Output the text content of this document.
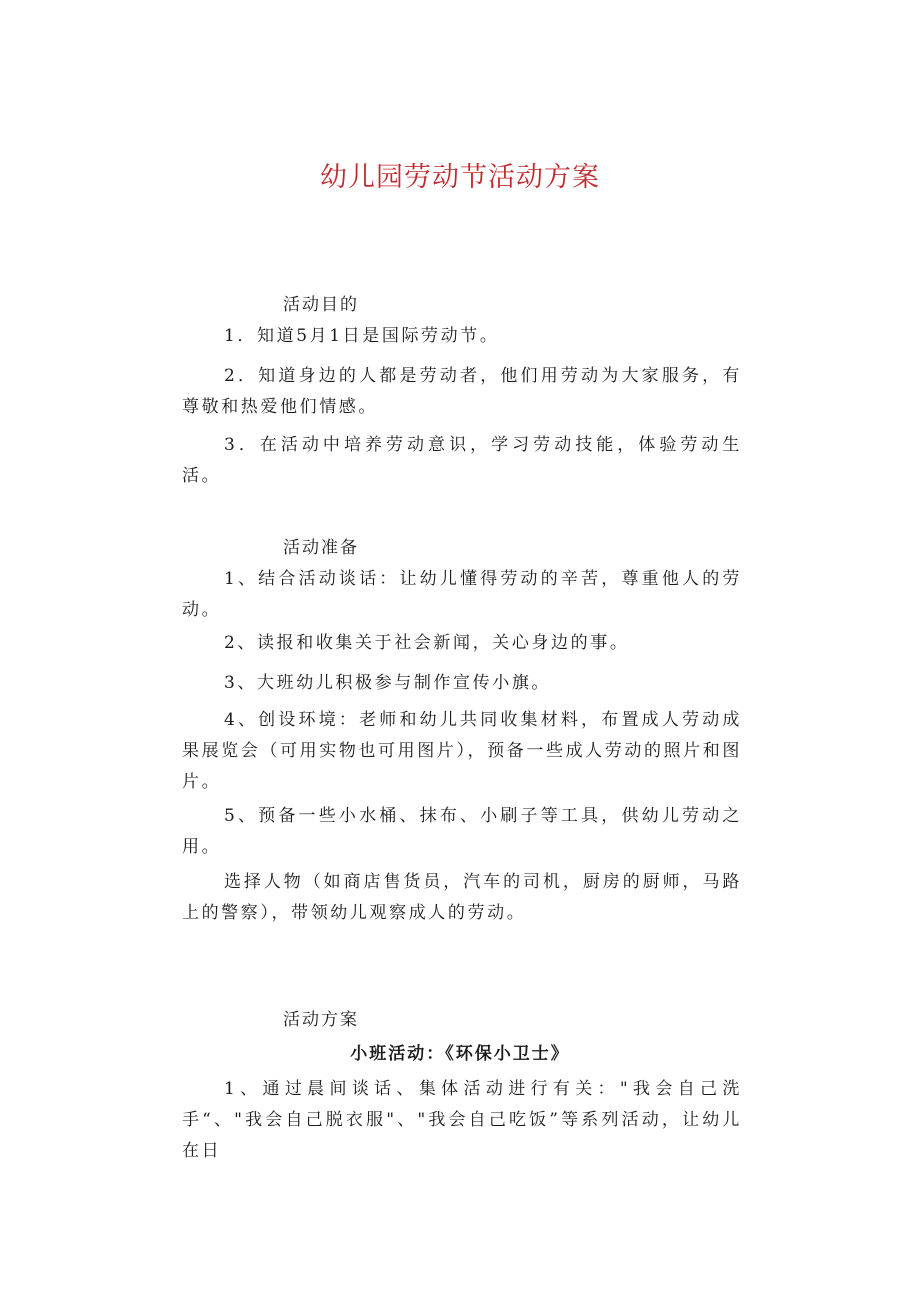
幼儿园劳动节活动方案
活动目的
1．知道5月1日是国际劳动节。
2．知道身边的人都是劳动者，他们用劳动为大家服务，有尊敬和热爱他们情感。
3．在活动中培养劳动意识，学习劳动技能，体验劳动生活。
活动准备
1、结合活动谈话：让幼儿懂得劳动的辛苦，尊重他人的劳动。
2、读报和收集关于社会新闻，关心身边的事。
3、大班幼儿积极参与制作宣传小旗。
4、创设环境：老师和幼儿共同收集材料，布置成人劳动成果展览会（可用实物也可用图片），预备一些成人劳动的照片和图片。
5、预备一些小水桶、抹布、小刷子等工具，供幼儿劳动之用。
选择人物（如商店售货员，汽车的司机，厨房的厨师，马路上的警察），带领幼儿观察成人的劳动。
活动方案
小班活动：《环保小卫士》
1、通过晨间谈话、集体活动进行有关："我会自己洗手“、"我会自己脱衣服"、"我会自己吃饭”等系列活动，让幼儿在日
